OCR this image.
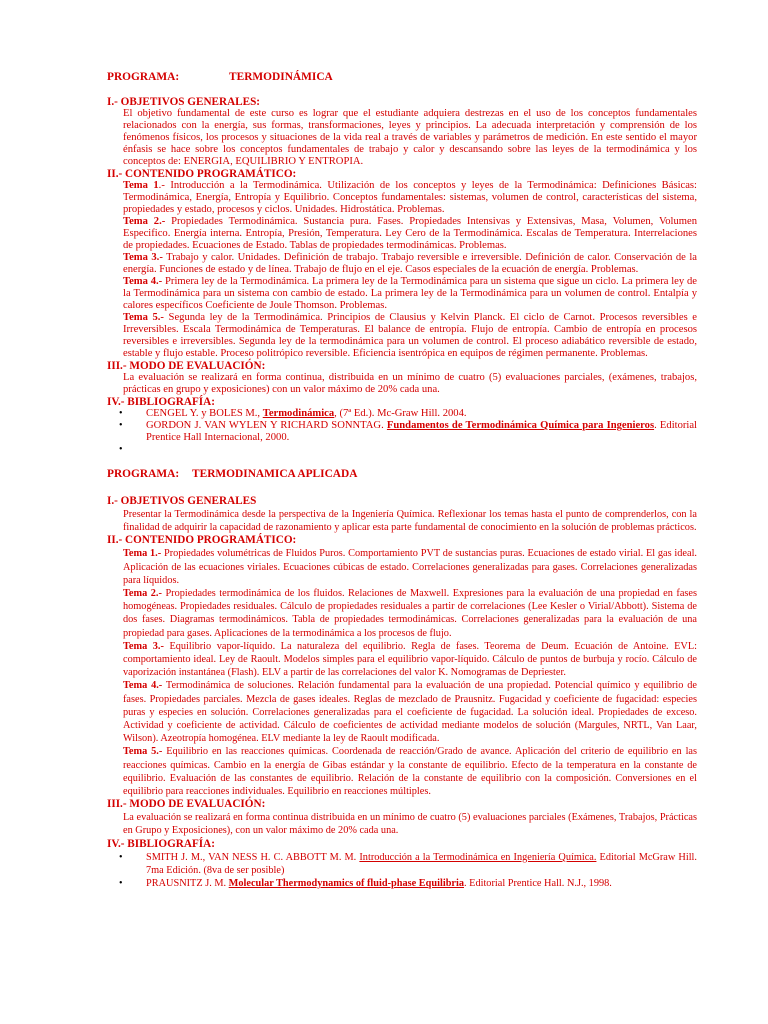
PROGRAMA:	TERMODINÁMICA
I.- OBJETIVOS GENERALES:
El objetivo fundamental de este curso es lograr que el estudiante adquiera destrezas en el uso de los conceptos fundamentales relacionados con la energía, sus formas, transformaciones, leyes y principios. La adecuada interpretación y comprensión de los fenómenos físicos, los procesos y situaciones de la vida real a través de variables y parámetros de medición. En este sentido el mayor énfasis se hace sobre los conceptos fundamentales de trabajo y calor y descansando sobre las leyes de la termodinámica y los conceptos de: ENERGIA, EQUILIBRIO Y ENTROPIA.
II.- CONTENIDO PROGRAMÁTICO:
Tema 1.- Introducción a la Termodinámica. Utilización de los conceptos y leyes de la Termodinámica: Definiciones Básicas: Termodinámica, Energía, Entropía y Equilibrio. Conceptos fundamentales: sistemas, volumen de control, características del sistema, propiedades y estado, procesos y ciclos. Unidades. Hidrostática. Problemas.
Tema 2.- Propiedades Termodinámica. Sustancia pura. Fases. Propiedades Intensivas y Extensivas, Masa, Volumen, Volumen Especifico. Energía interna. Entropía, Presión, Temperatura. Ley Cero de la Termodinámica. Escalas de Temperatura. Interrelaciones de propiedades. Ecuaciones de Estado. Tablas de propiedades termodinámicas. Problemas.
Tema 3.- Trabajo y calor. Unidades. Definición de trabajo. Trabajo reversible e irreversible. Definición de calor. Conservación de la energía. Funciones de estado y de línea. Trabajo de flujo en el eje. Casos especiales de la ecuación de energía. Problemas.
Tema 4.- Primera ley de la Termodinámica. La primera ley de la Termodinámica para un sistema que sigue un ciclo. La primera ley de la Termodinámica para un sistema con cambio de estado. La primera ley de la Termodinámica para un volumen de control. Entalpía y calores específicos Coeficiente de Joule Thomson. Problemas.
Tema 5.- Segunda ley de la Termodinámica. Principios de Clausius y Kelvin Planck. El ciclo de Carnot. Procesos reversibles e Irreversibles. Escala Termodinámica de Temperaturas. El balance de entropía. Flujo de entropía. Cambio de entropía en procesos reversibles e irreversibles. Segunda ley de la termodinámica para un volumen de control. El proceso adiabático reversible de estado, estable y flujo estable. Proceso politrópico reversible. Eficiencia isentrópica en equipos de régimen permanente. Problemas.
III.- MODO DE EVALUACIÓN:
La evaluación se realizará en forma continua, distribuida en un mínimo de cuatro (5) evaluaciones parciales, (exámenes, trabajos, prácticas en grupo y exposiciones) con un valor máximo de 20% cada una.
IV.- BIBLIOGRAFÍA:
• CENGEL Y. y BOLES M., Termodinámica, (7ª Ed.). Mc-Graw Hill. 2004.
• GORDON J. VAN WYLEN Y RICHARD SONNTAG. Fundamentos de Termodinámica Química para Ingenieros. Editorial Prentice Hall Internacional, 2000.
•
PROGRAMA: TERMODINAMICA APLICADA
I.- OBJETIVOS GENERALES
Presentar la Termodinámica desde la perspectiva de la Ingeniería Química. Reflexionar los temas hasta el punto de comprenderlos, con la finalidad de adquirir la capacidad de razonamiento y aplicar esta parte fundamental de conocimiento en la solución de problemas prácticos.
II.- CONTENIDO PROGRAMÁTICO:
Tema 1.- Propiedades volumétricas de Fluidos Puros. Comportamiento PVT de sustancias puras. Ecuaciones de estado virial. El gas ideal. Aplicación de las ecuaciones viriales. Ecuaciones cúbicas de estado. Correlaciones generalizadas para gases. Correlaciones generalizadas para líquidos.
Tema 2.- Propiedades termodinámica de los fluidos. Relaciones de Maxwell. Expresiones para la evaluación de una propiedad en fases homogéneas. Propiedades residuales. Cálculo de propiedades residuales a partir de correlaciones (Lee Kesler o Virial/Abbott). Sistema de dos fases. Diagramas termodinámicos. Tabla de propiedades termodinámicas. Correlaciones generalizadas para la evaluación de una propiedad para gases. Aplicaciones de la termodinámica a los procesos de flujo.
Tema 3.- Equilibrio vapor-líquido. La naturaleza del equilibrio. Regla de fases. Teorema de Deum. Ecuación de Antoine. EVL: comportamiento ideal. Ley de Raoult. Modelos simples para el equilibrio vapor-líquido. Cálculo de puntos de burbuja y rocío. Cálculo de vaporización instantánea (Flash). ELV a partir de las correlaciones del valor K. Nomogramas de Depriester.
Tema 4.- Termodinámica de soluciones. Relación fundamental para la evaluación de una propiedad. Potencial químico y equilibrio de fases. Propiedades parciales. Mezcla de gases ideales. Reglas de mezclado de Prausnitz. Fugacidad y coeficiente de fugacidad: especies puras y especies en solución. Correlaciones generalizadas para el coeficiente de fugacidad. La solución ideal. Propiedades de exceso. Actividad y coeficiente de actividad. Cálculo de coeficientes de actividad mediante modelos de solución (Margules, NRTL, Van Laar, Wilson). Azeotropía homogénea. ELV mediante la ley de Raoult modificada.
Tema 5.- Equilibrio en las reacciones químicas. Coordenada de reacción/Grado de avance. Aplicación del criterio de equilibrio en las reacciones químicas. Cambio en la energía de Gibas estándar y la constante de equilibrio. Efecto de la temperatura en la constante de equilibrio. Evaluación de las constantes de equilibrio. Relación de la constante de equilibrio con la composición. Conversiones en el equilibrio para reacciones individuales. Equilibrio en reacciones múltiples.
III.- MODO DE EVALUACIÓN:
La evaluación se realizará en forma continua distribuida en un mínimo de cuatro (5) evaluaciones parciales (Exámenes, Trabajos, Prácticas en Grupo y Exposiciones), con un valor máximo de 20% cada una.
IV.- BIBLIOGRAFÍA:
• SMITH J. M., VAN NESS H. C. ABBOTT M. M. Introducción a la Termodinámica en Ingeniería Química. Editorial McGraw Hill. 7ma Edición. (8va de ser posible)
• PRAUSNITZ J. M. Molecular Thermodynamics of fluid-phase Equilibria. Editorial Prentice Hall. N.J., 1998.
